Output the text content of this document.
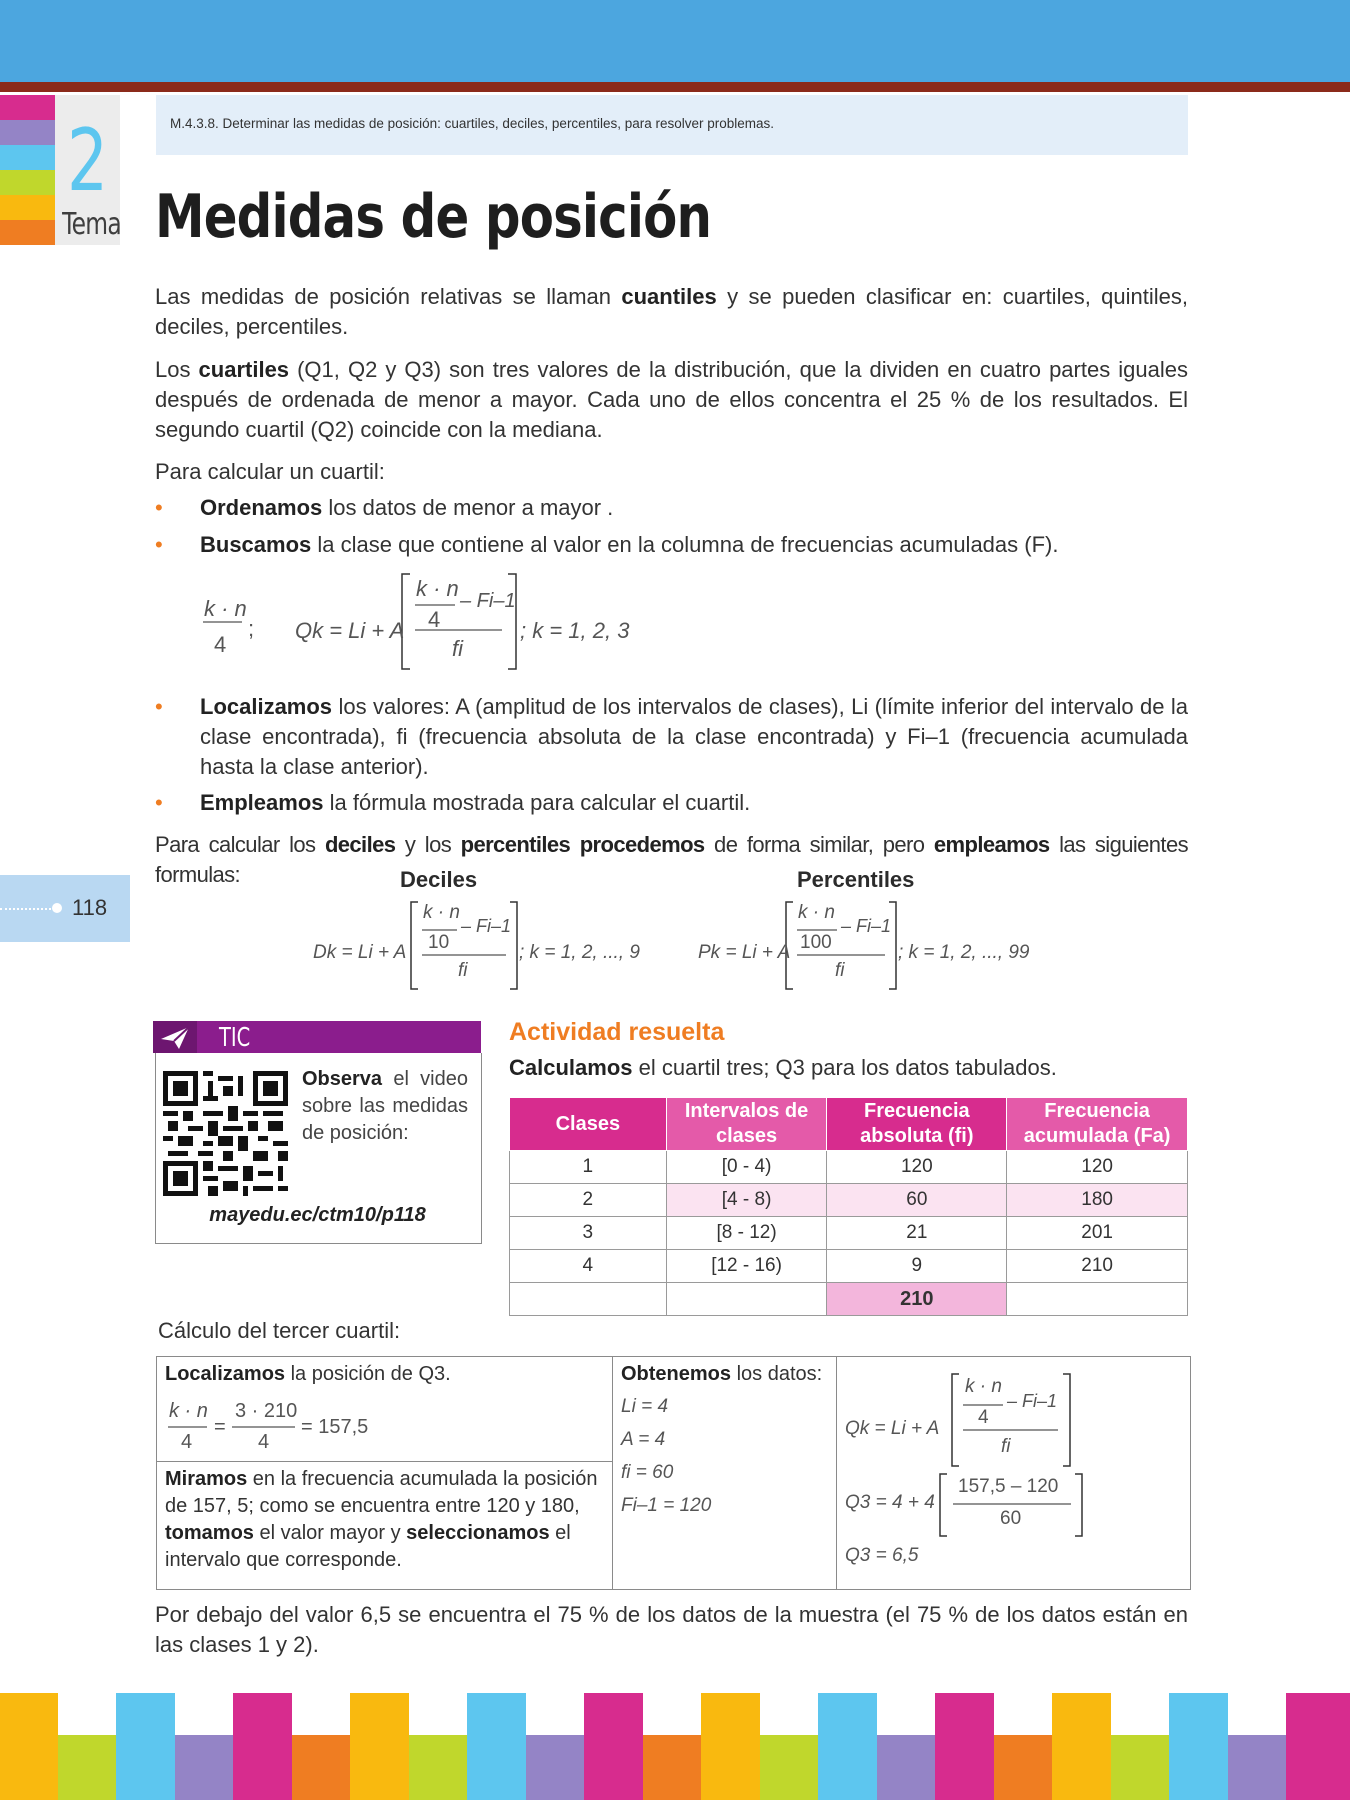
2
Tema
M.4.3.8. Determinar las medidas de posición: cuartiles, deciles, percentiles, para resolver problemas.
Medidas de posición
Las medidas de posición relativas se llaman cuantiles y se pueden clasificar en: cuartiles, quintiles, deciles, percentiles.
Los cuartiles (Q1, Q2 y Q3) son tres valores de la distribución, que la dividen en cuatro partes iguales después de ordenada de menor a mayor. Cada uno de ellos concentra el 25 % de los resultados. El segundo cuartil (Q2) coincide con la mediana.
Para calcular un cuartil:
• Ordenamos los datos de menor a mayor .
• Buscamos la clase que contiene al valor en la columna de frecuencias acumuladas (F).
k · n
4
; Qk = Li + A
k · n
4
– Fi–1
fi
; k = 1, 2, 3
• Localizamos los valores: A (amplitud de los intervalos de clases), Li (límite inferior del intervalo de la clase encontrada), fi (frecuencia absoluta de la clase encontrada) y Fi–1 (frecuencia acumulada hasta la clase anterior).
• Empleamos la fórmula mostrada para calcular el cuartil.
Para calcular los deciles y los percentiles procedemos de forma similar, pero empleamos las siguientes formulas:	Deciles	Percentiles
Dk = Li + A
k · n
10
– Fi–1
fi
; k = 1, 2, ..., 9	Pk = Li + A
k · n
100
– Fi–1
fi
; k = 1, 2, ..., 99
118
TIC
Observa el video sobre las medidas de posición:
mayedu.ec/ctm10/p118
Actividad resuelta
Calculamos el cuartil tres; Q3 para los datos tabulados.
Clases	Intervalos de clases	Frecuencia absoluta (fi)	Frecuencia acumulada (Fa)
1	[0 - 4)	120	120
2	[4 - 8)	60	180
3	[8 - 12)	21	201
4	[12 - 16)	9	210
		210	
Cálculo del tercer cuartil:
Localizamos la posición de Q3.
k · n
4
=
3 · 210
4
= 157,5
Miramos en la frecuencia acumulada la posición de 157, 5; como se encuentra entre 120 y 180, tomamos el valor mayor y seleccionamos el intervalo que corresponde.
Obtenemos los datos:
Li = 4
A = 4
fi = 60
Fi–1 = 120
Qk = Li + A
k · n
4
– Fi–1
fi
Q3 = 4 + 4
157,5 – 120
60
Q3 = 6,5
Por debajo del valor 6,5 se encuentra el 75 % de los datos de la muestra (el 75 % de los datos están en las clases 1 y 2).
